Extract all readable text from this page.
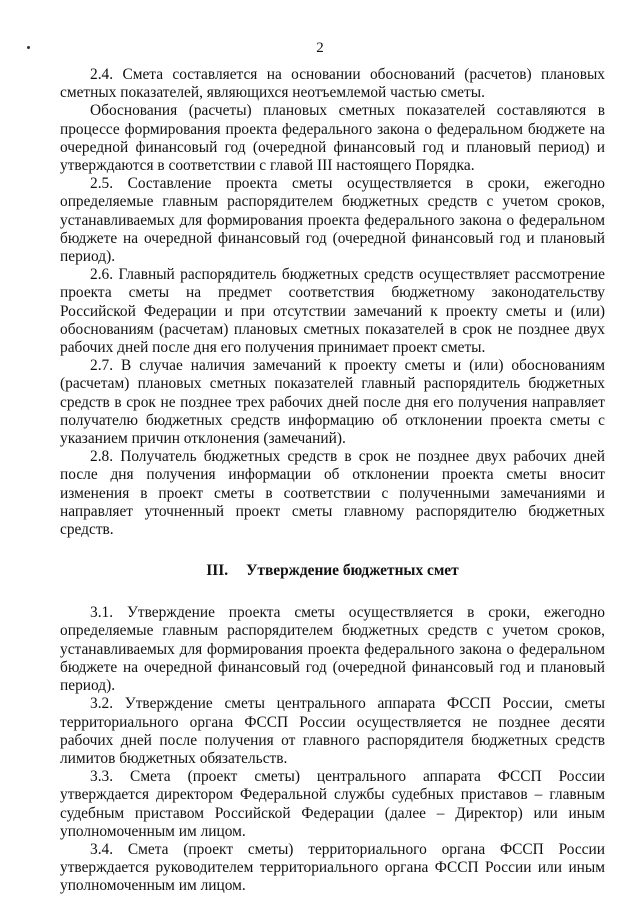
2

2.4. Смета составляется на основании обоснований (расчетов) плановых сметных показателей, являющихся неотъемлемой частью сметы.

Обоснования (расчеты) плановых сметных показателей составляются в процессе формирования проекта федерального закона о федеральном бюджете на очередной финансовый год (очередной финансовый год и плановый период) и утверждаются в соответствии с главой III настоящего Порядка.

2.5. Составление проекта сметы осуществляется в сроки, ежегодно определяемые главным распорядителем бюджетных средств с учетом сроков, устанавливаемых для формирования проекта федерального закона о федеральном бюджете на очередной финансовый год (очередной финансовый год и плановый период).

2.6. Главный распорядитель бюджетных средств осуществляет рассмотрение проекта сметы на предмет соответствия бюджетному законодательству Российской Федерации и при отсутствии замечаний к проекту сметы и (или) обоснованиям (расчетам) плановых сметных показателей в срок не позднее двух рабочих дней после дня его получения принимает проект сметы.

2.7. В случае наличия замечаний к проекту сметы и (или) обоснованиям (расчетам) плановых сметных показателей главный распорядитель бюджетных средств в срок не позднее трех рабочих дней после дня его получения направляет получателю бюджетных средств информацию об отклонении проекта сметы с указанием причин отклонения (замечаний).

2.8. Получатель бюджетных средств в срок не позднее двух рабочих дней после дня получения информации об отклонении проекта сметы вносит изменения в проект сметы в соответствии с полученными замечаниями и направляет уточненный проект сметы главному распорядителю бюджетных средств.

III. Утверждение бюджетных смет

3.1. Утверждение проекта сметы осуществляется в сроки, ежегодно определяемые главным распорядителем бюджетных средств с учетом сроков, устанавливаемых для формирования проекта федерального закона о федеральном бюджете на очередной финансовый год (очередной финансовый год и плановый период).

3.2. Утверждение сметы центрального аппарата ФССП России, сметы территориального органа ФССП России осуществляется не позднее десяти рабочих дней после получения от главного распорядителя бюджетных средств лимитов бюджетных обязательств.

3.3. Смета (проект сметы) центрального аппарата ФССП России утверждается директором Федеральной службы судебных приставов – главным судебным приставом Российской Федерации (далее – Директор) или иным уполномоченным им лицом.

3.4. Смета (проект сметы) территориального органа ФССП России утверждается руководителем территориального органа ФССП России или иным уполномоченным им лицом.
